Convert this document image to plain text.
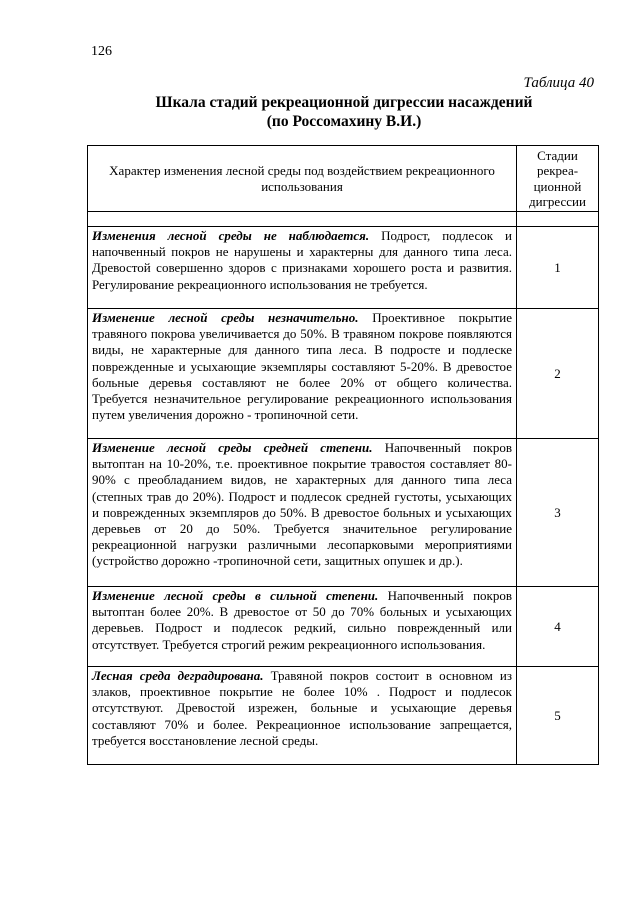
126
Таблица 40
Шкала стадий рекреационной дигрессии насаждений
(по Россомахину В.И.)
Характер изменения лесной среды под воздействием рекреационного использования	Стадии рекреа-ционной дигрессии

Изменения лесной среды не наблюдается. Подрост, подлесок и напочвенный покров не нарушены и характерны для данного типа леса. Древостой совершенно здоров с признаками хорошего роста и развития. Регулирование рекреационного использования не требуется.	1
Изменение лесной среды незначительно. Проективное покрытие травяного покрова увеличивается до 50%. В травяном покрове появляются виды, не характерные для данного типа леса. В подросте и подлеске поврежденные и усыхающие экземпляры составляют 5-20%. В древостое больные деревья составляют не более 20% от общего количества. Требуется незначительное регулирование рекреационного использования путем увеличения дорожно - тропиночной сети.	2
Изменение лесной среды средней степени. Напочвенный покров вытоптан на 10-20%, т.е. проективное покрытие травостоя составляет 80-90% с преобладанием видов, не характерных для данного типа леса (степных трав до 20%). Подрост и подлесок средней густоты, усыхающих и поврежденных экземпляров до 50%. В древостое больных и усыхающих деревьев от 20 до 50%. Требуется значительное регулирование рекреационной нагрузки различными лесопарковыми мероприятиями (устройство дорожно -тропиночной сети, защитных опушек и др.).	3
Изменение лесной среды в сильной степени. Напочвенный покров вытоптан более 20%. В древостое от 50 до 70% больных и усыхающих деревьев. Подрост и подлесок редкий, сильно поврежденный или отсутствует. Требуется строгий режим рекреационного использования.	4
Лесная среда деградирована. Травяной покров состоит в основном из злаков, проективное покрытие не более 10% . Подрост и подлесок отсутствуют. Древостой изрежен, больные и усыхающие деревья составляют 70% и более. Рекреационное использование запрещается, требуется восстановление лесной среды.	5
